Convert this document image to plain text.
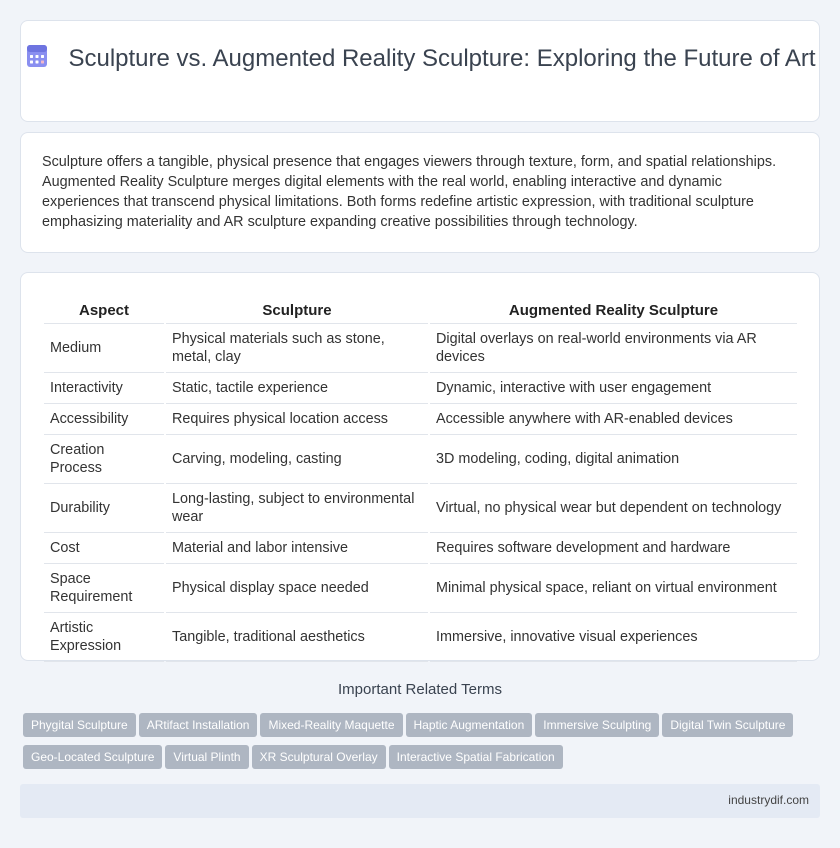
Sculpture vs. Augmented Reality Sculpture: Exploring the Future of Art
Sculpture offers a tangible, physical presence that engages viewers through texture, form, and spatial relationships. Augmented Reality Sculpture merges digital elements with the real world, enabling interactive and dynamic experiences that transcend physical limitations. Both forms redefine artistic expression, with traditional sculpture emphasizing materiality and AR sculpture expanding creative possibilities through technology.
Aspect	Sculpture	Augmented Reality Sculpture
Medium	Physical materials such as stone, metal, clay	Digital overlays on real-world environments via AR devices
Interactivity	Static, tactile experience	Dynamic, interactive with user engagement
Accessibility	Requires physical location access	Accessible anywhere with AR-enabled devices
Creation Process	Carving, modeling, casting	3D modeling, coding, digital animation
Durability	Long-lasting, subject to environmental wear	Virtual, no physical wear but dependent on technology
Cost	Material and labor intensive	Requires software development and hardware
Space Requirement	Physical display space needed	Minimal physical space, reliant on virtual environment
Artistic Expression	Tangible, traditional aesthetics	Immersive, innovative visual experiences
Important Related Terms
Phygital Sculpture ARtifact Installation Mixed-Reality Maquette Haptic Augmentation Immersive Sculpting Digital Twin Sculpture
Geo-Located Sculpture Virtual Plinth XR Sculptural Overlay Interactive Spatial Fabrication
industrydif.com
